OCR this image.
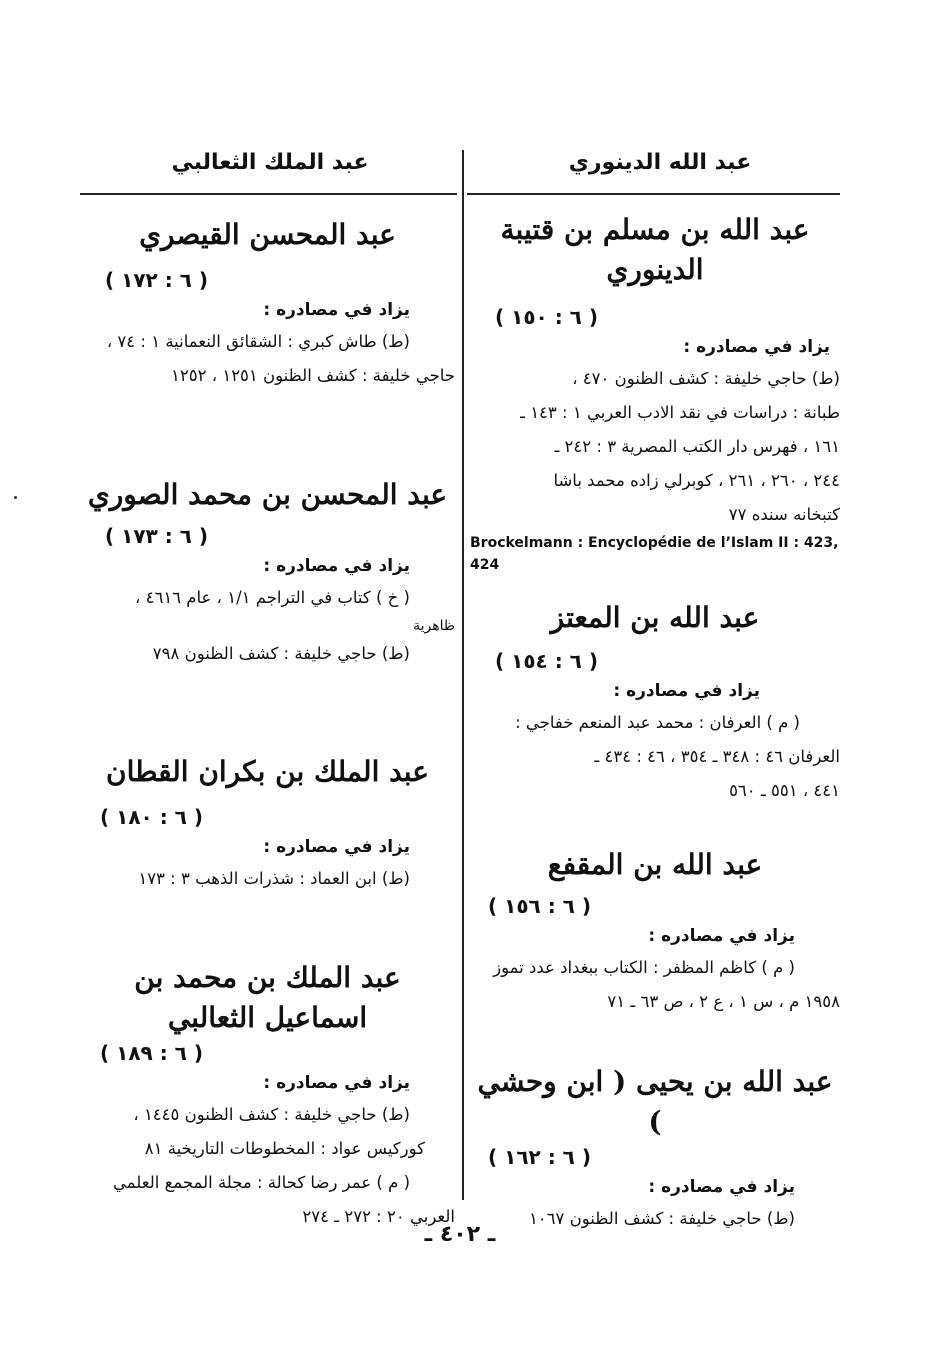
عبد الله الدينوري
عبد الملك الثعالبي
عبد الله بن مسلم بن قتيبة الدينوري
( ٦ : ١٥٠ )
يزاد في مصادره :
(ط) حاجي خليفة : كشف الظنون ٤٧٠ ،
طبانة : دراسات في نقد الادب العربي ١ : ١٤٣ ـ
١٦١ ، فهرس دار الكتب المصرية ٣ : ٢٤٢ ـ
٢٤٤ ، ٢٦٠ ، ٢٦١ ، كوبرلي زاده محمد باشا
كتبخانه سنده ٧٧
Brockelmann : Encyclopédie de l’Islam II : 423, 424
عبد الله بن المعتز
( ٦ : ١٥٤ )
يزاد في مصادره :
( م ) العرفان : محمد عبد المنعم خفاجي :
العرفان ٤٦ : ٣٤٨ ـ ٣٥٤ ، ٤٦ : ٤٣٤ ـ
٤٤١ ، ٥٥١ ـ ٥٦٠
عبد الله بن المقفع
( ٦ : ١٥٦ )
يزاد في مصادره :
( م ) كاظم المظفر : الكتاب ببغداد عدد تموز
١٩٥٨ م ، س ١ ، ع ٢ ، ص ٦٣ ـ ٧١
عبد الله بن يحيى ( ابن وحشي )
( ٦ : ١٦٢ )
يزاد في مصادره :
(ط) حاجي خليفة : كشف الظنون ١٠٦٧
عبد المحسن القيصري
( ٦ : ١٧٢ )
يزاد في مصادره :
(ط) طاش كبري : الشقائق النعمانية ١ : ٧٤ ،
حاجي خليفة : كشف الظنون ١٢٥١ ، ١٢٥٢
عبد المحسن بن محمد الصوري
( ٦ : ١٧٣ )
يزاد في مصادره :
( خ ) كتاب في التراجم ١/١ ، عام ٤٦١٦ ،
ظاهرية
(ط) حاجي خليفة : كشف الظنون ٧٩٨
عبد الملك بن بكران القطان
( ٦ : ١٨٠ )
يزاد في مصادره :
(ط) ابن العماد : شذرات الذهب ٣ : ١٧٣
عبد الملك بن محمد بن اسماعيل الثعالبي
( ٦ : ١٨٩ )
يزاد في مصادره :
(ط) حاجي خليفة : كشف الظنون ١٤٤٥ ،
كوركيس عواد : المخطوطات التاريخية ٨١
( م ) عمر رضا كحالة : مجلة المجمع العلمي
العربي ٢٠ : ٢٧٢ ـ ٢٧٤
ـ ٤٠٢ ـ
